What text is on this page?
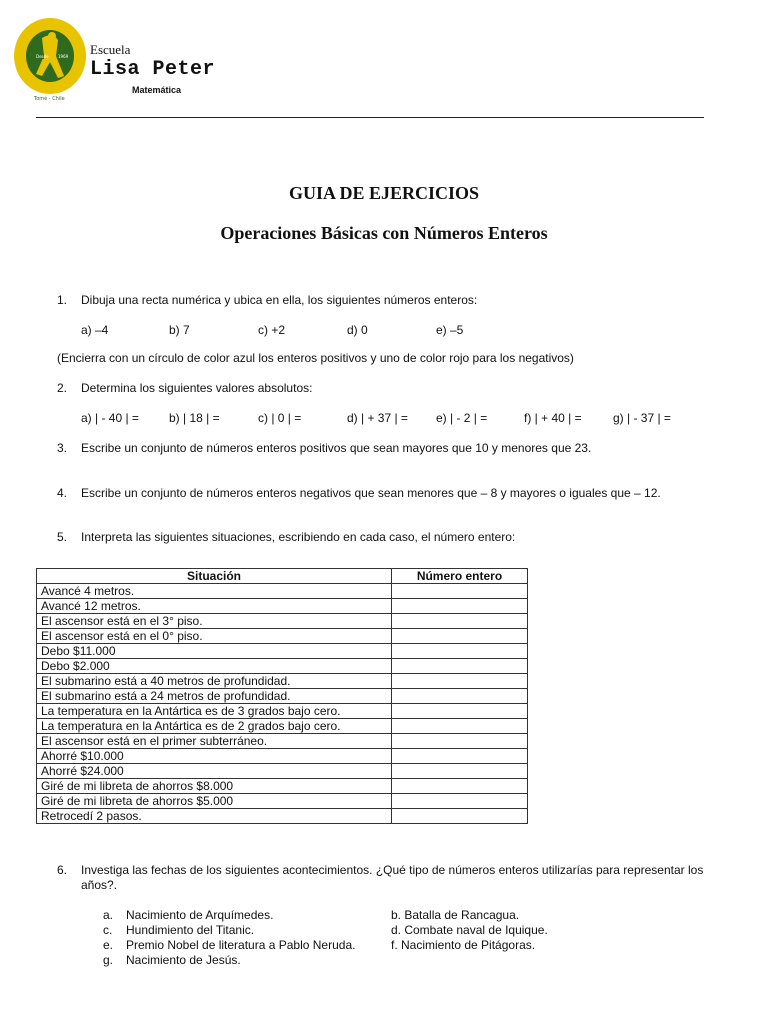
Desde 1969
Tomé - Chile
Escuela
Lisa Peter
Matemática
GUIA DE EJERCICIOS
Operaciones Básicas con Números Enteros
1.	Dibuja una recta numérica y ubica en ella, los siguientes números enteros:
a) –4	b) 7	c) +2	d) 0	e) –5
(Encierra con un círculo de color azul los enteros positivos y uno de color rojo para los negativos)
2.	Determina los siguientes valores absolutos:
a) | - 40 | =	b) | 18 | =	c) | 0 | =	d) | + 37 | = e) | - 2 | =	f) | + 40 | =	g) | - 37 | =
3.	Escribe un conjunto de números enteros positivos que sean mayores que 10 y menores que 23.
4.	Escribe un conjunto de números enteros negativos que sean menores que – 8 y mayores o iguales que – 12.
5.	Interpreta las siguientes situaciones, escribiendo en cada caso, el número entero:
Situación	Número entero
Avancé 4 metros.	
Avancé 12 metros.	
El ascensor está en el 3° piso.	
El ascensor está en el 0° piso.	
Debo $11.000	
Debo $2.000	
El submarino está a 40 metros de profundidad.	
El submarino está a 24 metros de profundidad.	
La temperatura en la Antártica es de 3 grados bajo cero.	
La temperatura en la Antártica es de 2 grados bajo cero.	
El ascensor está en el primer subterráneo.	
Ahorré $10.000	
Ahorré $24.000	
Giré de mi libreta de ahorros $8.000	
Giré de mi libreta de ahorros $5.000	
Retrocedí 2 pasos.	
6.	Investiga las fechas de los siguientes acontecimientos. ¿Qué tipo de números enteros utilizarías para representar los
años?.
a. Nacimiento de Arquímedes.
c. Hundimiento del Titanic.
e. Premio Nobel de literatura a Pablo Neruda.
g. Nacimiento de Jesús.
b. Batalla de Rancagua.
d. Combate naval de Iquique.
f. Nacimiento de Pitágoras.
